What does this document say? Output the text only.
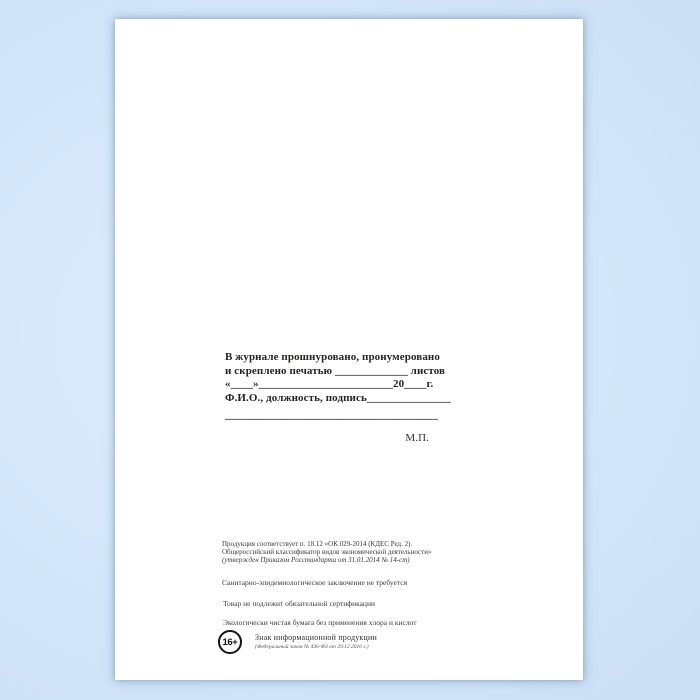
В журнале прошнуровано, пронумеровано
и скреплено печатью _____________ листов
«____»________________________20____г.
Ф.И.О., должность, подпись_______________
______________________________________
М.П.
Продукция соответствует п. 18.12 «ОК 029-2014 (КДЕС Ред. 2).
Общероссийский классификатор видов экономической деятельности»
(утвержден Приказом Росстандарта от 31.01.2014 № 14-ст)
Санитарно-эпидемиологическое заключение не требуется
Товар не подлежит обязательной сертификации
Экологически чистая бумага без применения хлора и кислот
16+ Знак информационной продукции
(Федеральный закон № 436-ФЗ от 29.12.2010 г.)
